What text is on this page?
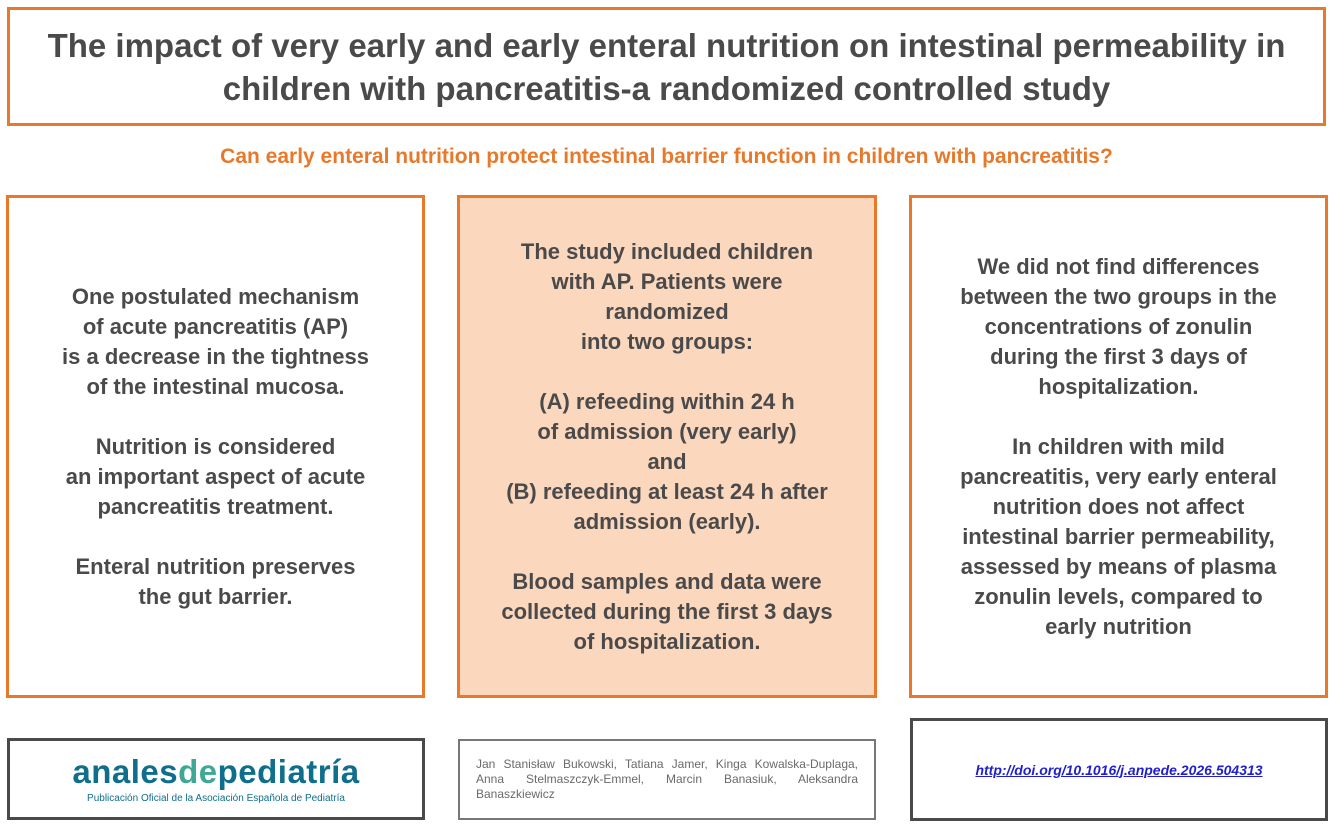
The impact of very early and early enteral nutrition on intestinal permeability in
children with pancreatitis-a randomized controlled study
Can early enteral nutrition protect intestinal barrier function in children with pancreatitis?
One postulated mechanism
of acute pancreatitis (AP)
is a decrease in the tightness
of the intestinal mucosa.
Nutrition is considered
an important aspect of acute
pancreatitis treatment.
Enteral nutrition preserves
the gut barrier.
The study included children
with AP. Patients were
randomized
into two groups:
(A) refeeding within 24 h
of admission (very early)
and
(B) refeeding at least 24 h after
admission (early).
Blood samples and data were
collected during the first 3 days
of hospitalization.
We did not find differences
between the two groups in the
concentrations of zonulin
during the first 3 days of
hospitalization.
In children with mild
pancreatitis, very early enteral
nutrition does not affect
intestinal barrier permeability,
assessed by means of plasma
zonulin levels, compared to
early nutrition
analesdepediatría
Publicación Oficial de la Asociación Española de Pediatría
Jan Stanisław Bukowski, Tatiana Jamer, Kinga Kowalska-Duplaga, Anna Stelmaszczyk-Emmel, Marcin Banasiuk, Aleksandra Banaszkiewicz
http://doi.org/10.1016/j.anpede.2026.504313
